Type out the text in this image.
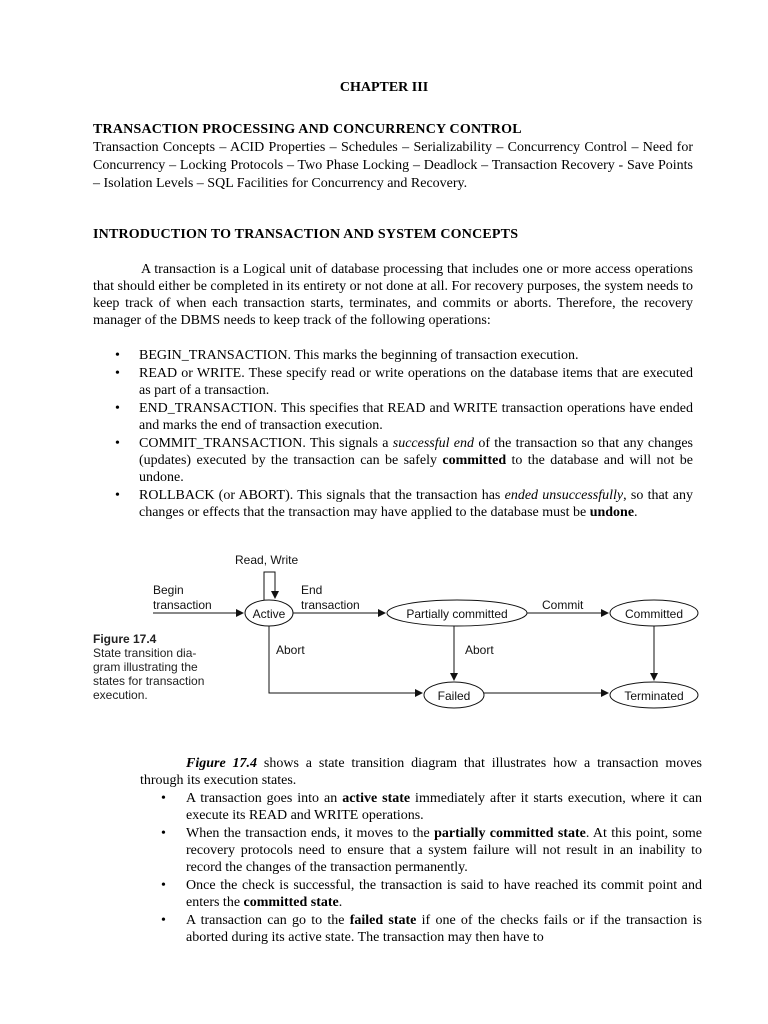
CHAPTER III
TRANSACTION PROCESSING AND CONCURRENCY CONTROL
Transaction Concepts – ACID Properties – Schedules – Serializability – Concurrency Control – Need for Concurrency – Locking Protocols – Two Phase Locking – Deadlock – Transaction Recovery - Save Points – Isolation Levels – SQL Facilities for Concurrency and Recovery.
INTRODUCTION TO TRANSACTION AND SYSTEM CONCEPTS
A transaction is a Logical unit of database processing that includes one or more access operations that should either be completed in its entirety or not done at all. For recovery purposes, the system needs to keep track of when each transaction starts, terminates, and commits or aborts. Therefore, the recovery manager of the DBMS needs to keep track of the following operations:
• BEGIN_TRANSACTION. This marks the beginning of transaction execution.
• READ or WRITE. These specify read or write operations on the database items that are executed as part of a transaction.
• END_TRANSACTION. This specifies that READ and WRITE transaction operations have ended and marks the end of transaction execution.
• COMMIT_TRANSACTION. This signals a successful end of the transaction so that any changes (updates) executed by the transaction can be safely committed to the database and will not be undone.
• ROLLBACK (or ABORT). This signals that the transaction has ended unsuccessfully, so that any changes or effects that the transaction may have applied to the database must be undone.
Active	Partially committed	Committed
Failed	Terminated
Begin
transaction
Read, Write
End
transaction	Commit
Abort	Abort
Figure 17.4
State transition dia-
gram illustrating the
states for transaction
execution.
Figure 17.4 shows a state transition diagram that illustrates how a transaction moves through its execution states.
• A transaction goes into an active state immediately after it starts execution, where it can execute its READ and WRITE operations.
• When the transaction ends, it moves to the partially committed state. At this point, some recovery protocols need to ensure that a system failure will not result in an inability to record the changes of the transaction permanently.
• Once the check is successful, the transaction is said to have reached its commit point and enters the committed state.
• A transaction can go to the failed state if one of the checks fails or if the transaction is aborted during its active state. The transaction may then have to
